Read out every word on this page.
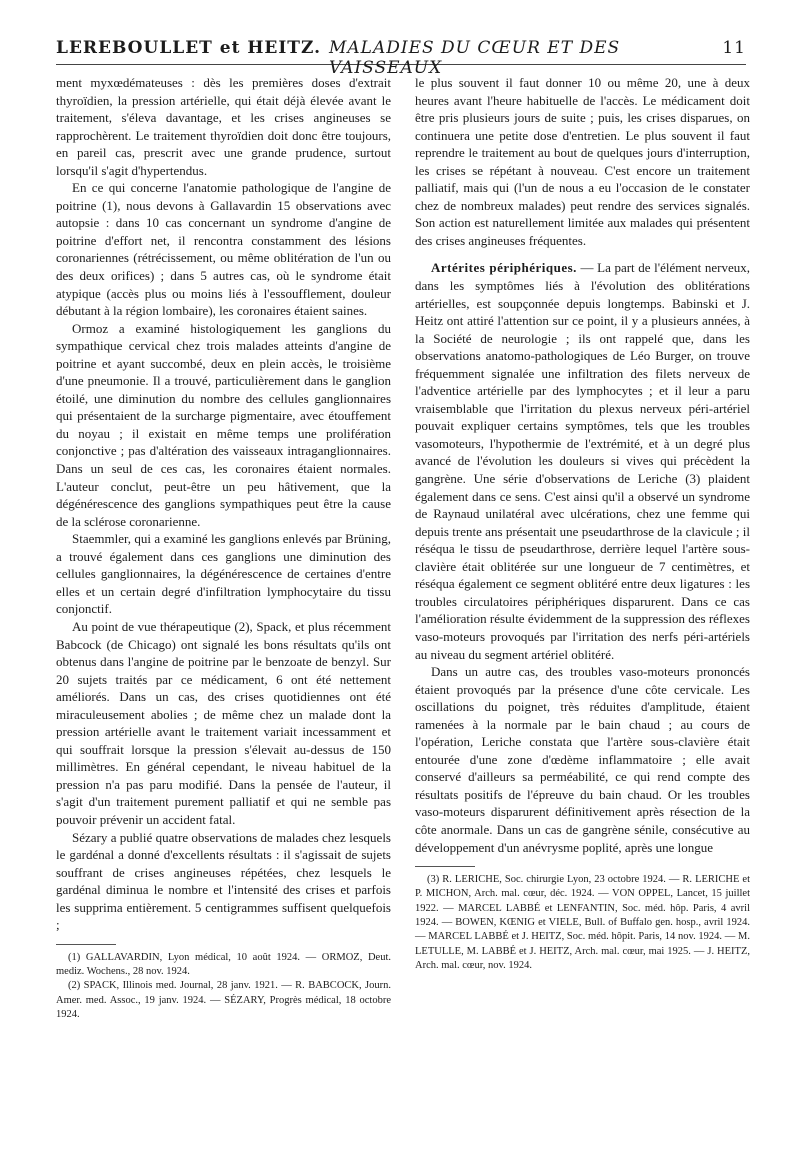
LEREBOULLET et HEITZ. MALADIES DU CŒUR ET DES VAISSEAUX
11

ment myxœdémateuses : dès les premières doses d'extrait thyroïdien, la pression artérielle, qui était déjà élevée avant le traitement, s'éleva davantage, et les crises angineuses se rapprochèrent. Le traitement thyroïdien doit donc être toujours, en pareil cas, prescrit avec une grande prudence, surtout lorsqu'il s'agit d'hypertendus.

En ce qui concerne l'anatomie pathologique de l'angine de poitrine (1), nous devons à Gallavardin 15 observations avec autopsie : dans 10 cas concernant un syndrome d'angine de poitrine d'effort net, il rencontra constamment des lésions coronariennes (rétrécissement, ou même oblitération de l'un ou des deux orifices) ; dans 5 autres cas, où le syndrome était atypique (accès plus ou moins liés à l'essoufflement, douleur débutant à la région lombaire), les coronaires étaient saines.

Ormoz a examiné histologiquement les ganglions du sympathique cervical chez trois malades atteints d'angine de poitrine et ayant succombé, deux en plein accès, le troisième d'une pneumonie. Il a trouvé, particulièrement dans le ganglion étoilé, une diminution du nombre des cellules ganglionnaires qui présentaient de la surcharge pigmentaire, avec étouffement du noyau ; il existait en même temps une prolifération conjonctive ; pas d'altération des vaisseaux intraganglionnaires. Dans un seul de ces cas, les coronaires étaient normales. L'auteur conclut, peut-être un peu hâtivement, que la dégénérescence des ganglions sympathiques peut être la cause de la sclérose coronarienne.

Staemmler, qui a examiné les ganglions enlevés par Brüning, a trouvé également dans ces ganglions une diminution des cellules ganglionnaires, la dégénérescence de certaines d'entre elles et un certain degré d'infiltration lymphocytaire du tissu conjonctif.

Au point de vue thérapeutique (2), Spack, et plus récemment Babcock (de Chicago) ont signalé les bons résultats qu'ils ont obtenus dans l'angine de poitrine par le benzoate de benzyl. Sur 20 sujets traités par ce médicament, 6 ont été nettement améliorés. Dans un cas, des crises quotidiennes ont été miraculeusement abolies ; de même chez un malade dont la pression artérielle avant le traitement variait incessamment et qui souffrait lorsque la pression s'élevait au-dessus de 150 millimètres. En général cependant, le niveau habituel de la pression n'a pas paru modifié. Dans la pensée de l'auteur, il s'agit d'un traitement purement palliatif et qui ne semble pas pouvoir prévenir un accident fatal.

Sézary a publié quatre observations de malades chez lesquels le gardénal a donné d'excellents résultats : il s'agissait de sujets souffrant de crises angineuses répétées, chez lesquels le gardénal diminua le nombre et l'intensité des crises et parfois les supprima entièrement. 5 centigrammes suffisent quelquefois ;

(1) GALLAVARDIN, Lyon médical, 10 août 1924. — ORMOZ, Deut. mediz. Wochens., 28 nov. 1924.

(2) SPACK, Illinois med. Journal, 28 janv. 1921. — R. BABCOCK, Journ. Amer. med. Assoc., 19 janv. 1924. — SÉZARY, Progrès médical, 18 octobre 1924.

le plus souvent il faut donner 10 ou même 20, une à deux heures avant l'heure habituelle de l'accès. Le médicament doit être pris plusieurs jours de suite ; puis, les crises disparues, on continuera une petite dose d'entretien. Le plus souvent il faut reprendre le traitement au bout de quelques jours d'interruption, les crises se répétant à nouveau. C'est encore un traitement palliatif, mais qui (l'un de nous a eu l'occasion de le constater chez de nombreux malades) peut rendre des services signalés. Son action est naturellement limitée aux malades qui présentent des crises angineuses fréquentes.

Artérites périphériques. — La part de l'élément nerveux, dans les symptômes liés à l'évolution des oblitérations artérielles, est soupçonnée depuis longtemps. Babinski et J. Heitz ont attiré l'attention sur ce point, il y a plusieurs années, à la Société de neurologie ; ils ont rappelé que, dans les observations anatomo-pathologiques de Léo Burger, on trouve fréquemment signalée une infiltration des filets nerveux de l'adventice artérielle par des lymphocytes ; et il leur a paru vraisemblable que l'irritation du plexus nerveux péri-artériel pouvait expliquer certains symptômes, tels que les troubles vasomoteurs, l'hypothermie de l'extrémité, et à un degré plus avancé de l'évolution les douleurs si vives qui précèdent la gangrène. Une série d'observations de Leriche (3) plaident également dans ce sens. C'est ainsi qu'il a observé un syndrome de Raynaud unilatéral avec ulcérations, chez une femme qui depuis trente ans présentait une pseudarthrose de la clavicule ; il réséqua le tissu de pseudarthrose, derrière lequel l'artère sous-clavière était oblitérée sur une longueur de 7 centimètres, et réséqua également ce segment oblitéré entre deux ligatures : les troubles circulatoires périphériques disparurent. Dans ce cas l'amélioration résulte évidemment de la suppression des réflexes vaso-moteurs provoqués par l'irritation des nerfs péri-artériels au niveau du segment artériel oblitéré.

Dans un autre cas, des troubles vaso-moteurs prononcés étaient provoqués par la présence d'une côte cervicale. Les oscillations du poignet, très réduites d'amplitude, étaient ramenées à la normale par le bain chaud ; au cours de l'opération, Leriche constata que l'artère sous-clavière était entourée d'une zone d'œdème inflammatoire ; elle avait conservé d'ailleurs sa perméabilité, ce qui rend compte des résultats positifs de l'épreuve du bain chaud. Or les troubles vaso-moteurs disparurent définitivement après résection de la côte anormale. Dans un cas de gangrène sénile, consécutive au développement d'un anévrysme poplité, après une longue

(3) R. LERICHE, Soc. chirurgie Lyon, 23 octobre 1924. — R. LERICHE et P. MICHON, Arch. mal. cœur, déc. 1924. — VON OPPEL, Lancet, 15 juillet 1922. — MARCEL LABBÉ et LENFANTIN, Soc. méd. hôp. Paris, 4 avril 1924. — BOWEN, KŒNIG et VIELE, Bull. of Buffalo gen. hosp., avril 1924. — MARCEL LABBÉ et J. HEITZ, Soc. méd. hôpit. Paris, 14 nov. 1924. — M. LETULLE, M. LABBÉ et J. HEITZ, Arch. mal. cœur, mai 1925. — J. HEITZ, Arch. mal. cœur, nov. 1924.
